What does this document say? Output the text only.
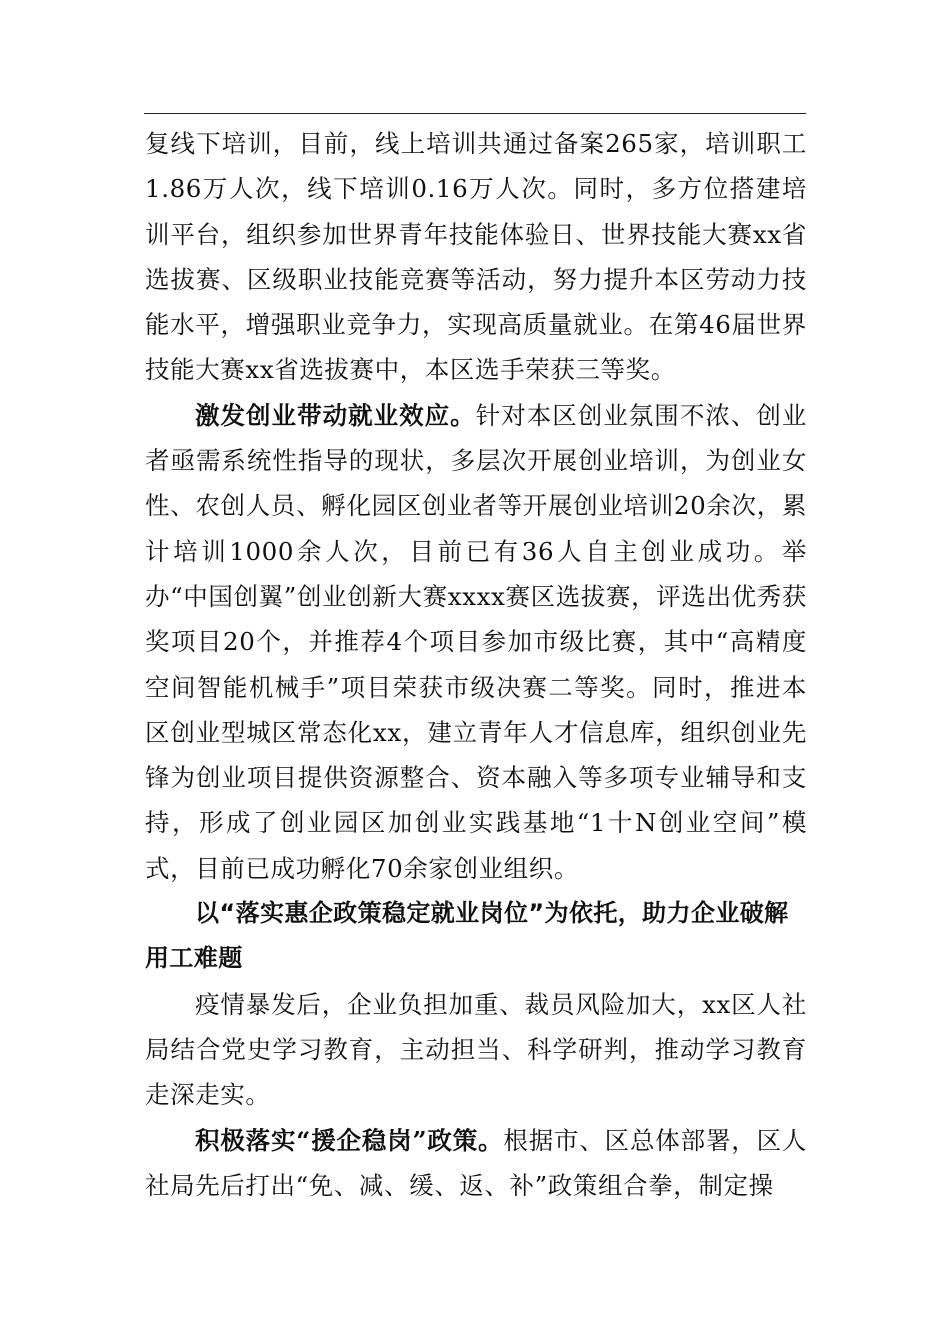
复线下培训，目前，线上培训共通过备案265家，培训职工1.86万人次，线下培训0.16万人次。同时，多方位搭建培训平台，组织参加世界青年技能体验日、世界技能大赛xx省选拔赛、区级职业技能竞赛等活动，努力提升本区劳动力技能水平，增强职业竞争力，实现高质量就业。在第46届世界技能大赛xx省选拔赛中，本区选手荣获三等奖。

激发创业带动就业效应。针对本区创业氛围不浓、创业者亟需系统性指导的现状，多层次开展创业培训，为创业女性、农创人员、孵化园区创业者等开展创业培训20余次，累计培训1000余人次，目前已有36人自主创业成功。举办“中国创翼”创业创新大赛xxxx赛区选拔赛，评选出优秀获奖项目20个，并推荐4个项目参加市级比赛，其中“高精度空间智能机械手”项目荣获市级决赛二等奖。同时，推进本区创业型城区常态化xx，建立青年人才信息库，组织创业先锋为创业项目提供资源整合、资本融入等多项专业辅导和支持，形成了创业园区加创业实践基地“1十N创业空间”模式，目前已成功孵化70余家创业组织。

以“落实惠企政策稳定就业岗位”为依托，助力企业破解用工难题

疫情暴发后，企业负担加重、裁员风险加大，xx区人社局结合党史学习教育，主动担当、科学研判，推动学习教育走深走实。

积极落实“援企稳岗”政策。根据市、区总体部署，区人社局先后打出“免、减、缓、返、补”政策组合拳，制定操
